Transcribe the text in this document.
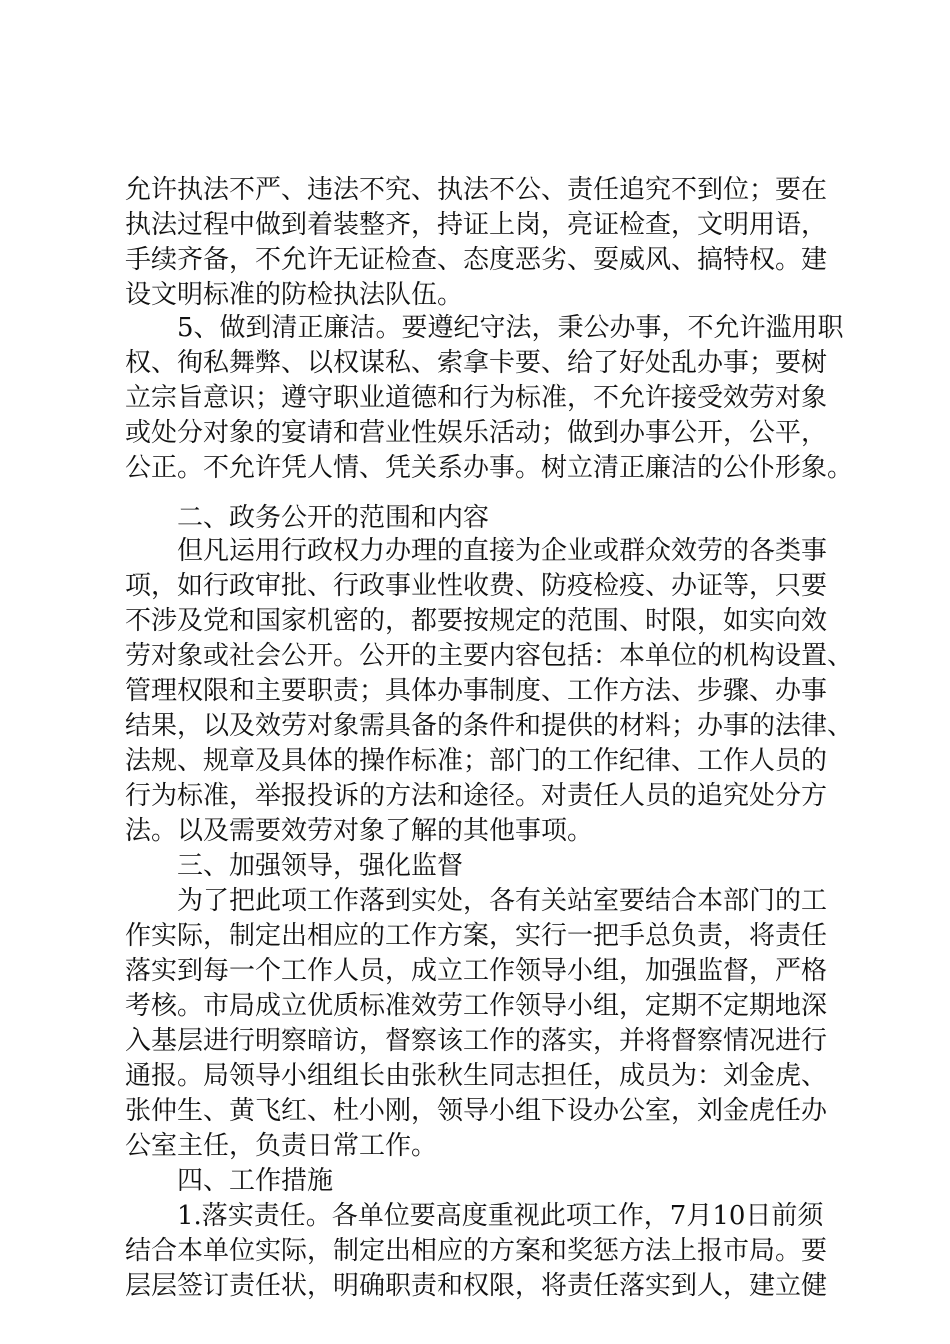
允许执法不严、违法不究、执法不公、责任追究不到位；要在
执法过程中做到着装整齐，持证上岗，亮证检查，文明用语，
手续齐备，不允许无证检查、态度恶劣、耍威风、搞特权。建
设文明标准的防检执法队伍。
5、做到清正廉洁。要遵纪守法，秉公办事，不允许滥用职
权、徇私舞弊、以权谋私、索拿卡要、给了好处乱办事；要树
立宗旨意识；遵守职业道德和行为标准，不允许接受效劳对象
或处分对象的宴请和营业性娱乐活动；做到办事公开，公平，
公正。不允许凭人情、凭关系办事。树立清正廉洁的公仆形象。
二、政务公开的范围和内容
但凡运用行政权力办理的直接为企业或群众效劳的各类事
项，如行政审批、行政事业性收费、防疫检疫、办证等，只要
不涉及党和国家机密的，都要按规定的范围、时限，如实向效
劳对象或社会公开。公开的主要内容包括：本单位的机构设置、
管理权限和主要职责；具体办事制度、工作方法、步骤、办事
结果，以及效劳对象需具备的条件和提供的材料；办事的法律、
法规、规章及具体的操作标准；部门的工作纪律、工作人员的
行为标准，举报投诉的方法和途径。对责任人员的追究处分方
法。以及需要效劳对象了解的其他事项。
三、加强领导，强化监督
为了把此项工作落到实处，各有关站室要结合本部门的工
作实际，制定出相应的工作方案，实行一把手总负责，将责任
落实到每一个工作人员，成立工作领导小组，加强监督，严格
考核。市局成立优质标准效劳工作领导小组，定期不定期地深
入基层进行明察暗访，督察该工作的落实，并将督察情况进行
通报。局领导小组组长由张秋生同志担任，成员为：刘金虎、
张仲生、黄飞红、杜小刚，领导小组下设办公室，刘金虎任办
公室主任，负责日常工作。
四、工作措施
1.落实责任。各单位要高度重视此项工作，7月10日前须
结合本单位实际，制定出相应的方案和奖惩方法上报市局。要
层层签订责任状，明确职责和权限，将责任落实到人，建立健
